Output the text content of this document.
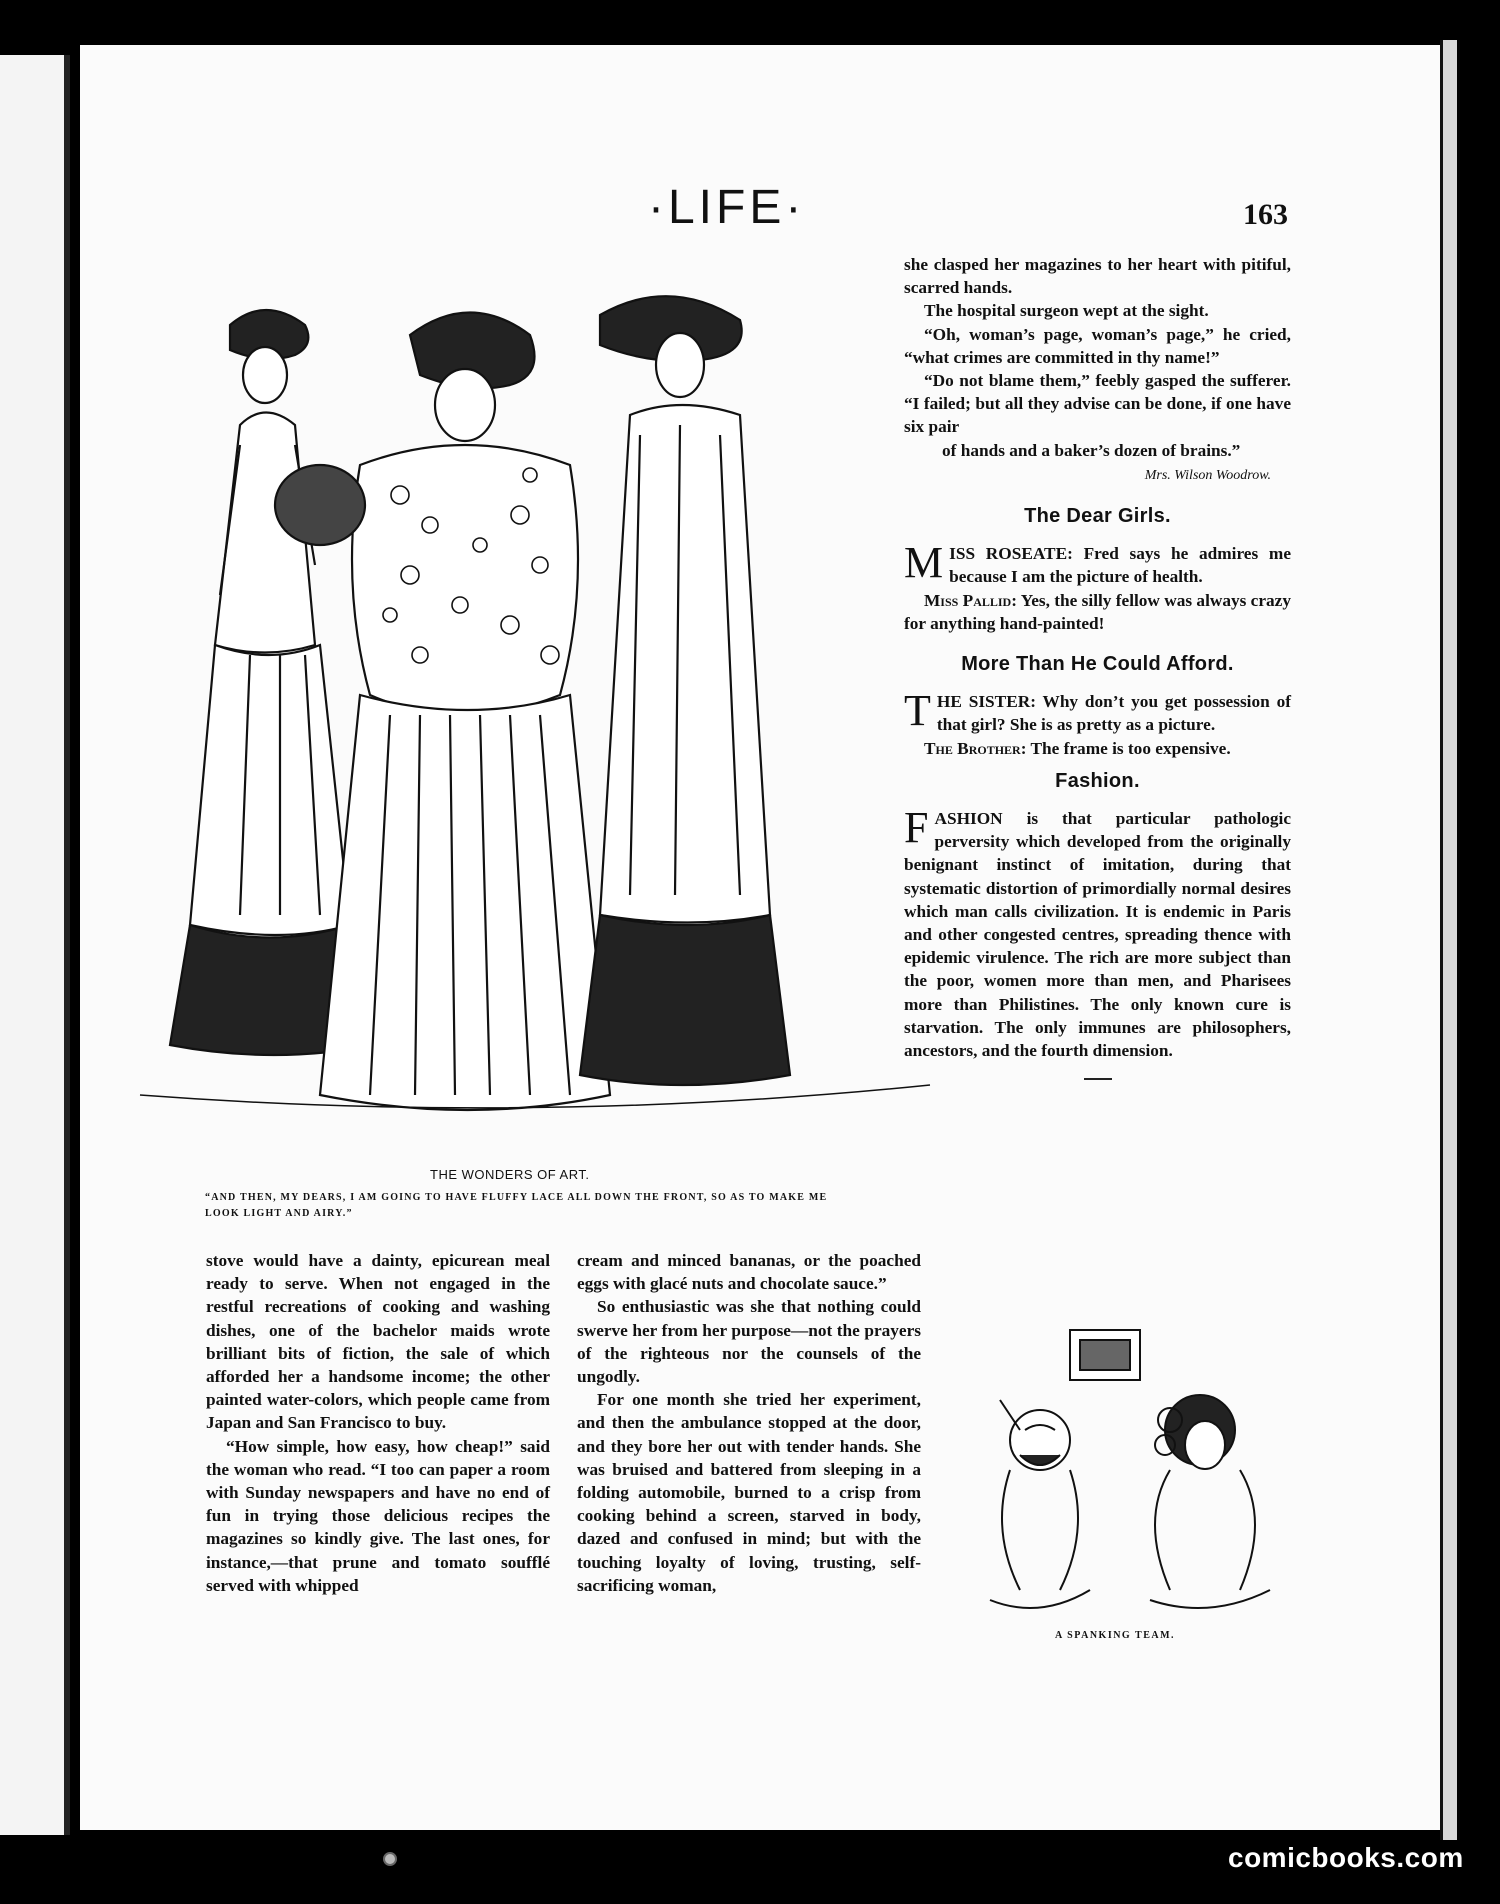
·LIFE·	163
THE WONDERS OF ART.
“AND THEN, MY DEARS, I AM GOING TO HAVE FLUFFY LACE ALL DOWN THE FRONT, SO AS TO MAKE ME LOOK LIGHT AND AIRY.”

stove would have a dainty, epicurean meal ready to serve. When not engaged in the restful recreations of cooking and washing dishes, one of the bachelor maids wrote brilliant bits of fiction, the sale of which afforded her a handsome income; the other painted water-colors, which people came from Japan and San Francisco to buy.

“How simple, how easy, how cheap!” said the woman who read. “I too can paper a room with Sunday newspapers and have no end of fun in trying those delicious recipes the magazines so kindly give. The last ones, for instance,—that prune and tomato soufflé served with whipped

cream and minced bananas, or the poached eggs with glacé nuts and chocolate sauce.”

So enthusiastic was she that nothing could swerve her from her purpose—not the prayers of the righteous nor the counsels of the ungodly.

For one month she tried her experiment, and then the ambulance stopped at the door, and they bore her out with tender hands. She was bruised and battered from sleeping in a folding automobile, burned to a crisp from cooking behind a screen, starved in body, dazed and confused in mind; but with the touching loyalty of loving, trusting, self-sacrificing woman,

she clasped her magazines to her heart with pitiful, scarred hands.

The hospital surgeon wept at the sight.

“Oh, woman’s page, woman’s page,” he cried, “what crimes are committed in thy name!”

“Do not blame them,” feebly gasped the sufferer. “I failed; but all they advise can be done, if one have six pair

of hands and a baker’s dozen of brains.”

Mrs. Wilson Woodrow.
The Dear Girls.

M ISS ROSEATE: Fred says he admires me because I am the picture of health.

Miss Pallid: Yes, the silly fellow was always crazy for anything hand-painted!

More Than He Could Afford.

T HE SISTER: Why don’t you get possession of that girl? She is as pretty as a picture.

The Brother: The frame is too expensive.

Fashion.

F ASHION is that particular pathologic perversity which developed from the originally benignant instinct of imitation, during that systematic distortion of primordially normal desires which man calls civilization. It is endemic in Paris and other congested centres, spreading thence with epidemic virulence. The rich are more subject than the poor, women more than men, and Pharisees more than Philistines. The only known cure is starvation. The only immunes are philosophers, ancestors, and the fourth dimension.

A SPANKING TEAM.
comicbooks.com
